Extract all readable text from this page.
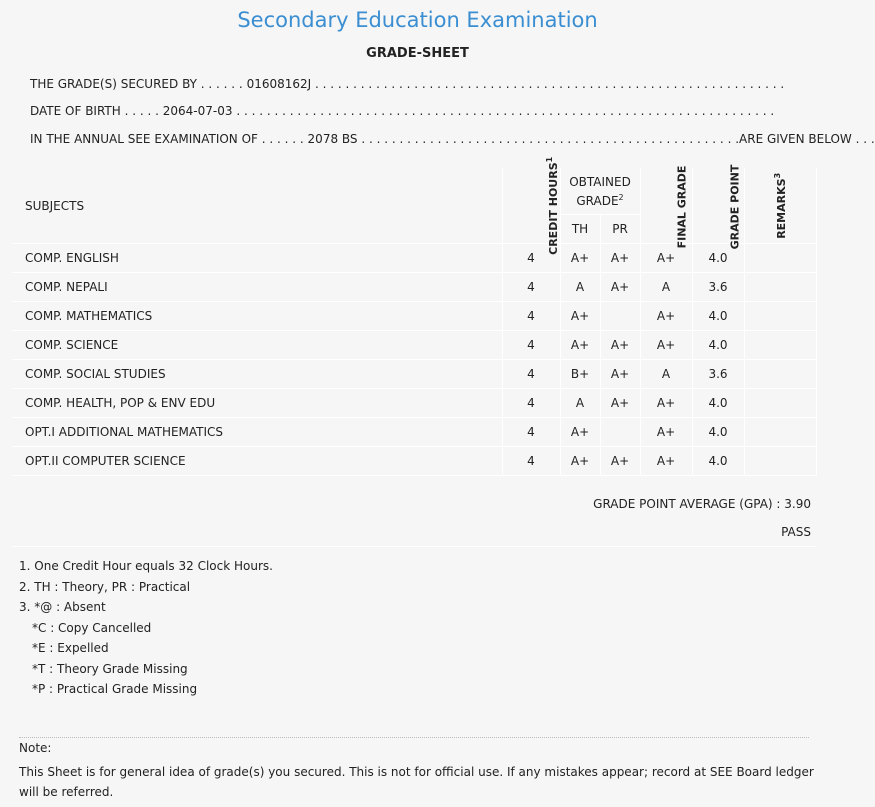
Secondary Education Examination
GRADE-SHEET
THE GRADE(S) SECURED BY . . . . . . 01608162J . . . . . . . . . . . . . . . . . . . . . . . . . . . . . . . . . . . . . . . . . . . . . . . . . . . . . . . . . . . . . .
DATE OF BIRTH . . . . . 2064-07-03 . . . . . . . . . . . . . . . . . . . . . . . . . . . . . . . . . . . . . . . . . . . . . . . . . . . . . . . . . . . . . . . . . . . . . . .
IN THE ANNUAL SEE EXAMINATION OF . . . . . . 2078 BS . . . . . . . . . . . . . . . . . . . . . . . . . . . . . . . . . . . . . . . . . . . . . . . . . .ARE GIVEN BELOW . . .
SUBJECTS	CREDIT HOURS$^1$	OBTAINED GRADE$^2$		FINAL GRADE	GRADE POINT	REMARKS$^3$
		TH	PR			
COMP. ENGLISH	4	A+	A+	A+	4.0	
COMP. NEPALI	4	A	A+	A	3.6	
COMP. MATHEMATICS	4	A+		A+	4.0	
COMP. SCIENCE	4	A+	A+	A+	4.0	
COMP. SOCIAL STUDIES	4	B+	A+	A	3.6	
COMP. HEALTH, POP & ENV EDU	4	A	A+	A+	4.0	
OPT.I ADDITIONAL MATHEMATICS	4	A+		A+	4.0	
OPT.II COMPUTER SCIENCE	4	A+	A+	A+	4.0	
GRADE POINT AVERAGE (GPA) : 3.90
PASS
1. One Credit Hour equals 32 Clock Hours.
2. TH : Theory, PR : Practical
3. *@ : Absent
*C : Copy Cancelled
*E : Expelled
*T : Theory Grade Missing
*P : Practical Grade Missing
Note:
This Sheet is for general idea of grade(s) you secured. This is not for official use. If any mistakes appear; record at SEE Board ledger will be referred.
